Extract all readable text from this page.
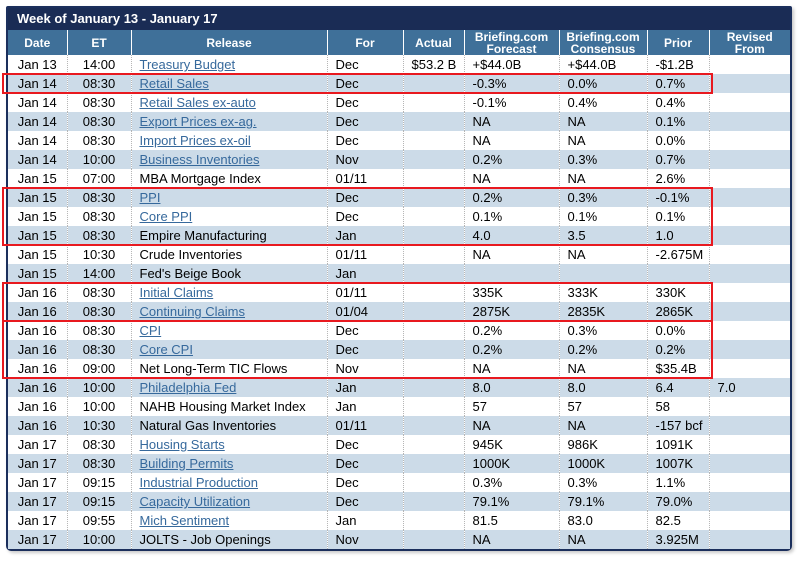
Week of January 13 - January 17
Date	ET	Release	For	Actual	Briefing.com Forecast	Briefing.com Consensus	Prior	Revised From
Jan 13	14:00	Treasury Budget	Dec	$53.2 B	+$44.0B	+$44.0B	-$1.2B	
Jan 14	08:30	Retail Sales	Dec		-0.3%	0.0%	0.7%	
Jan 14	08:30	Retail Sales ex-auto	Dec		-0.1%	0.4%	0.4%	
Jan 14	08:30	Export Prices ex-ag.	Dec		NA	NA	0.1%	
Jan 14	08:30	Import Prices ex-oil	Dec		NA	NA	0.0%	
Jan 14	10:00	Business Inventories	Nov		0.2%	0.3%	0.7%	
Jan 15	07:00	MBA Mortgage Index	01/11		NA	NA	2.6%	
Jan 15	08:30	PPI	Dec		0.2%	0.3%	-0.1%	
Jan 15	08:30	Core PPI	Dec		0.1%	0.1%	0.1%	
Jan 15	08:30	Empire Manufacturing	Jan		4.0	3.5	1.0	
Jan 15	10:30	Crude Inventories	01/11		NA	NA	-2.675M	
Jan 15	14:00	Fed's Beige Book	Jan					
Jan 16	08:30	Initial Claims	01/11		335K	333K	330K	
Jan 16	08:30	Continuing Claims	01/04		2875K	2835K	2865K	
Jan 16	08:30	CPI	Dec		0.2%	0.3%	0.0%	
Jan 16	08:30	Core CPI	Dec		0.2%	0.2%	0.2%	
Jan 16	09:00	Net Long-Term TIC Flows	Nov		NA	NA	$35.4B	
Jan 16	10:00	Philadelphia Fed	Jan		8.0	8.0	6.4	7.0
Jan 16	10:00	NAHB Housing Market Index	Jan		57	57	58	
Jan 16	10:30	Natural Gas Inventories	01/11		NA	NA	-157 bcf	
Jan 17	08:30	Housing Starts	Dec		945K	986K	1091K	
Jan 17	08:30	Building Permits	Dec		1000K	1000K	1007K	
Jan 17	09:15	Industrial Production	Dec		0.3%	0.3%	1.1%	
Jan 17	09:15	Capacity Utilization	Dec		79.1%	79.1%	79.0%	
Jan 17	09:55	Mich Sentiment	Jan		81.5	83.0	82.5	
Jan 17	10:00	JOLTS - Job Openings	Nov		NA	NA	3.925M	
